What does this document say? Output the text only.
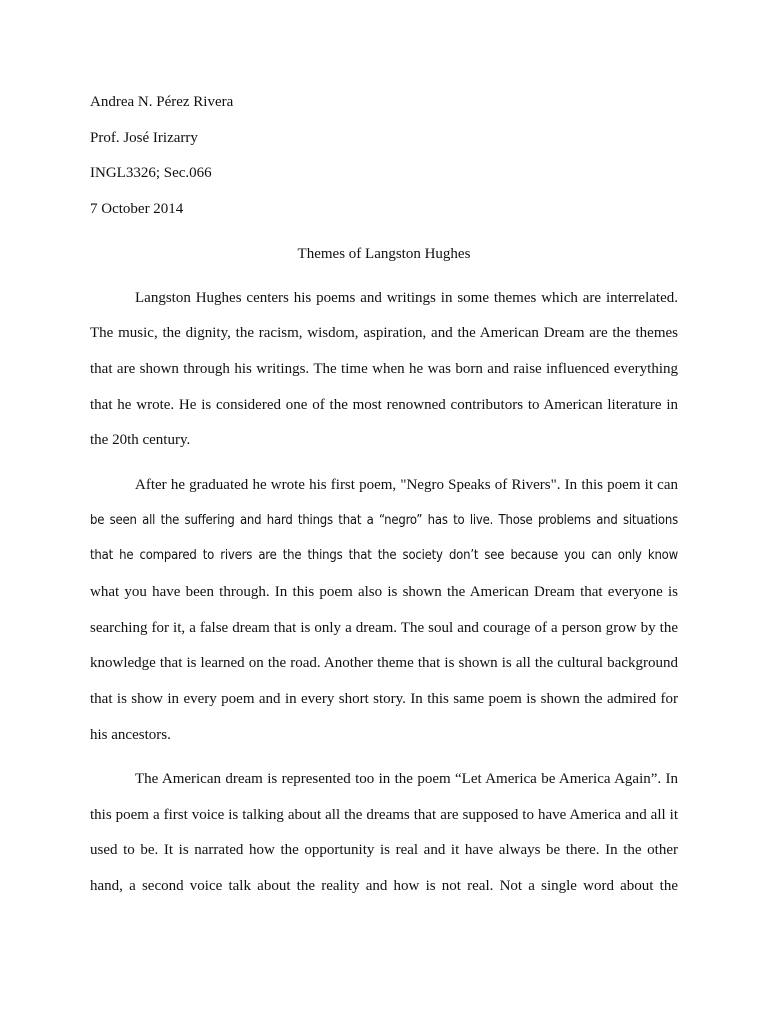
Andrea N. Pérez Rivera
Prof. José Irizarry
INGL3326; Sec.066
7 October 2014
Themes of Langston Hughes
Langston Hughes centers his poems and writings in some themes which are interrelated.
The music, the dignity, the racism, wisdom, aspiration, and the American Dream are the themes
that are shown through his writings. The time when he was born and raise influenced everything
that he wrote. He is considered one of the most renowned contributors to American literature in
the 20th century.
After he graduated he wrote his first poem, "Negro Speaks of Rivers". In this poem it can
be seen all the suffering and hard things that a “negro” has to live. Those problems and situations
that he compared to rivers are the things that the society don’t see because you can only know
what you have been through. In this poem also is shown the American Dream that everyone is
searching for it, a false dream that is only a dream. The soul and courage of a person grow by the
knowledge that is learned on the road. Another theme that is shown is all the cultural background
that is show in every poem and in every short story. In this same poem is shown the admired for
his ancestors.
The American dream is represented too in the poem “Let America be America Again”. In
this poem a first voice is talking about all the dreams that are supposed to have America and all it
used to be. It is narrated how the opportunity is real and it have always be there. In the other
hand, a second voice talk about the reality and how is not real. Not a single word about the
